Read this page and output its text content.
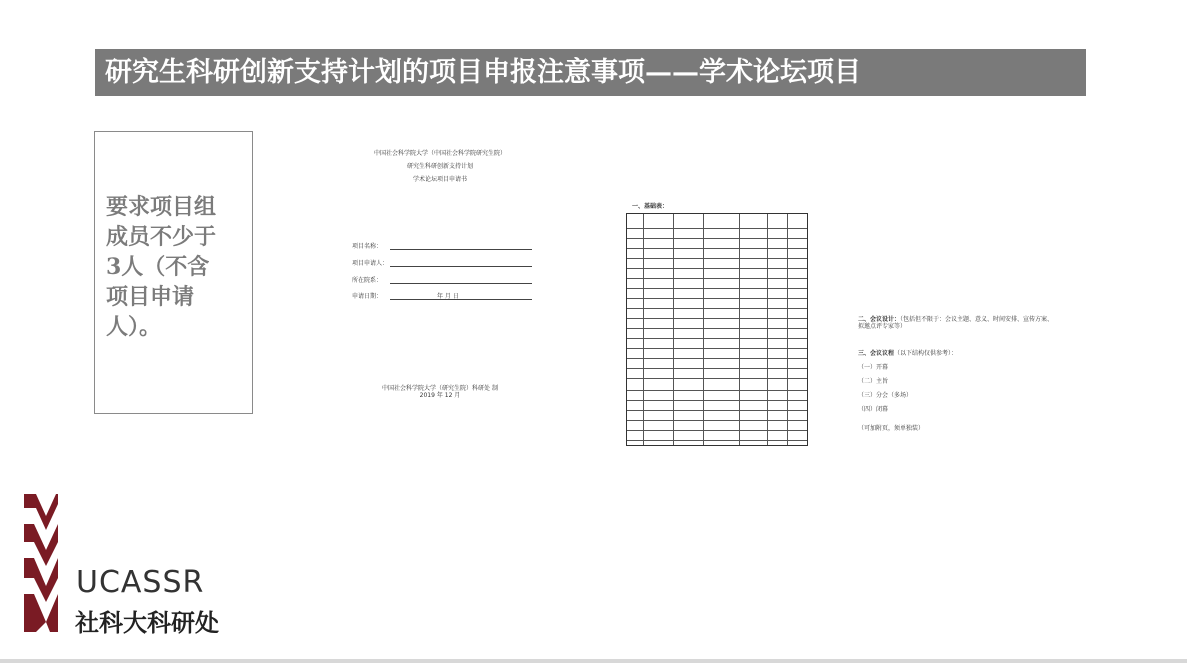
研究生科研创新支持计划的项目申报注意事项——学术论坛项目
要求项目组
成员不少于
3人（不含
项目申请
人）。
中国社会科学院大学（中国社会科学院研究生院）
研究生科研创新支持计划
学术论坛项目申请书
项目名称：
项目申请人：
所在院系：
申请日期：	年 月 日
中国社会科学院大学（研究生院）科研处 制
2019 年 12 月
一、基础表：
二、会议设计：（包括但不限于：会议主题、意义、时间安排、宣传方案、拟邀点评专家等）
三、会议议程（以下结构仅供参考）：
（一）开幕
（二）主旨
（三）分会（多场）
（四）闭幕
（可加附页，须单独装）
UCASSR
社科大科研处
